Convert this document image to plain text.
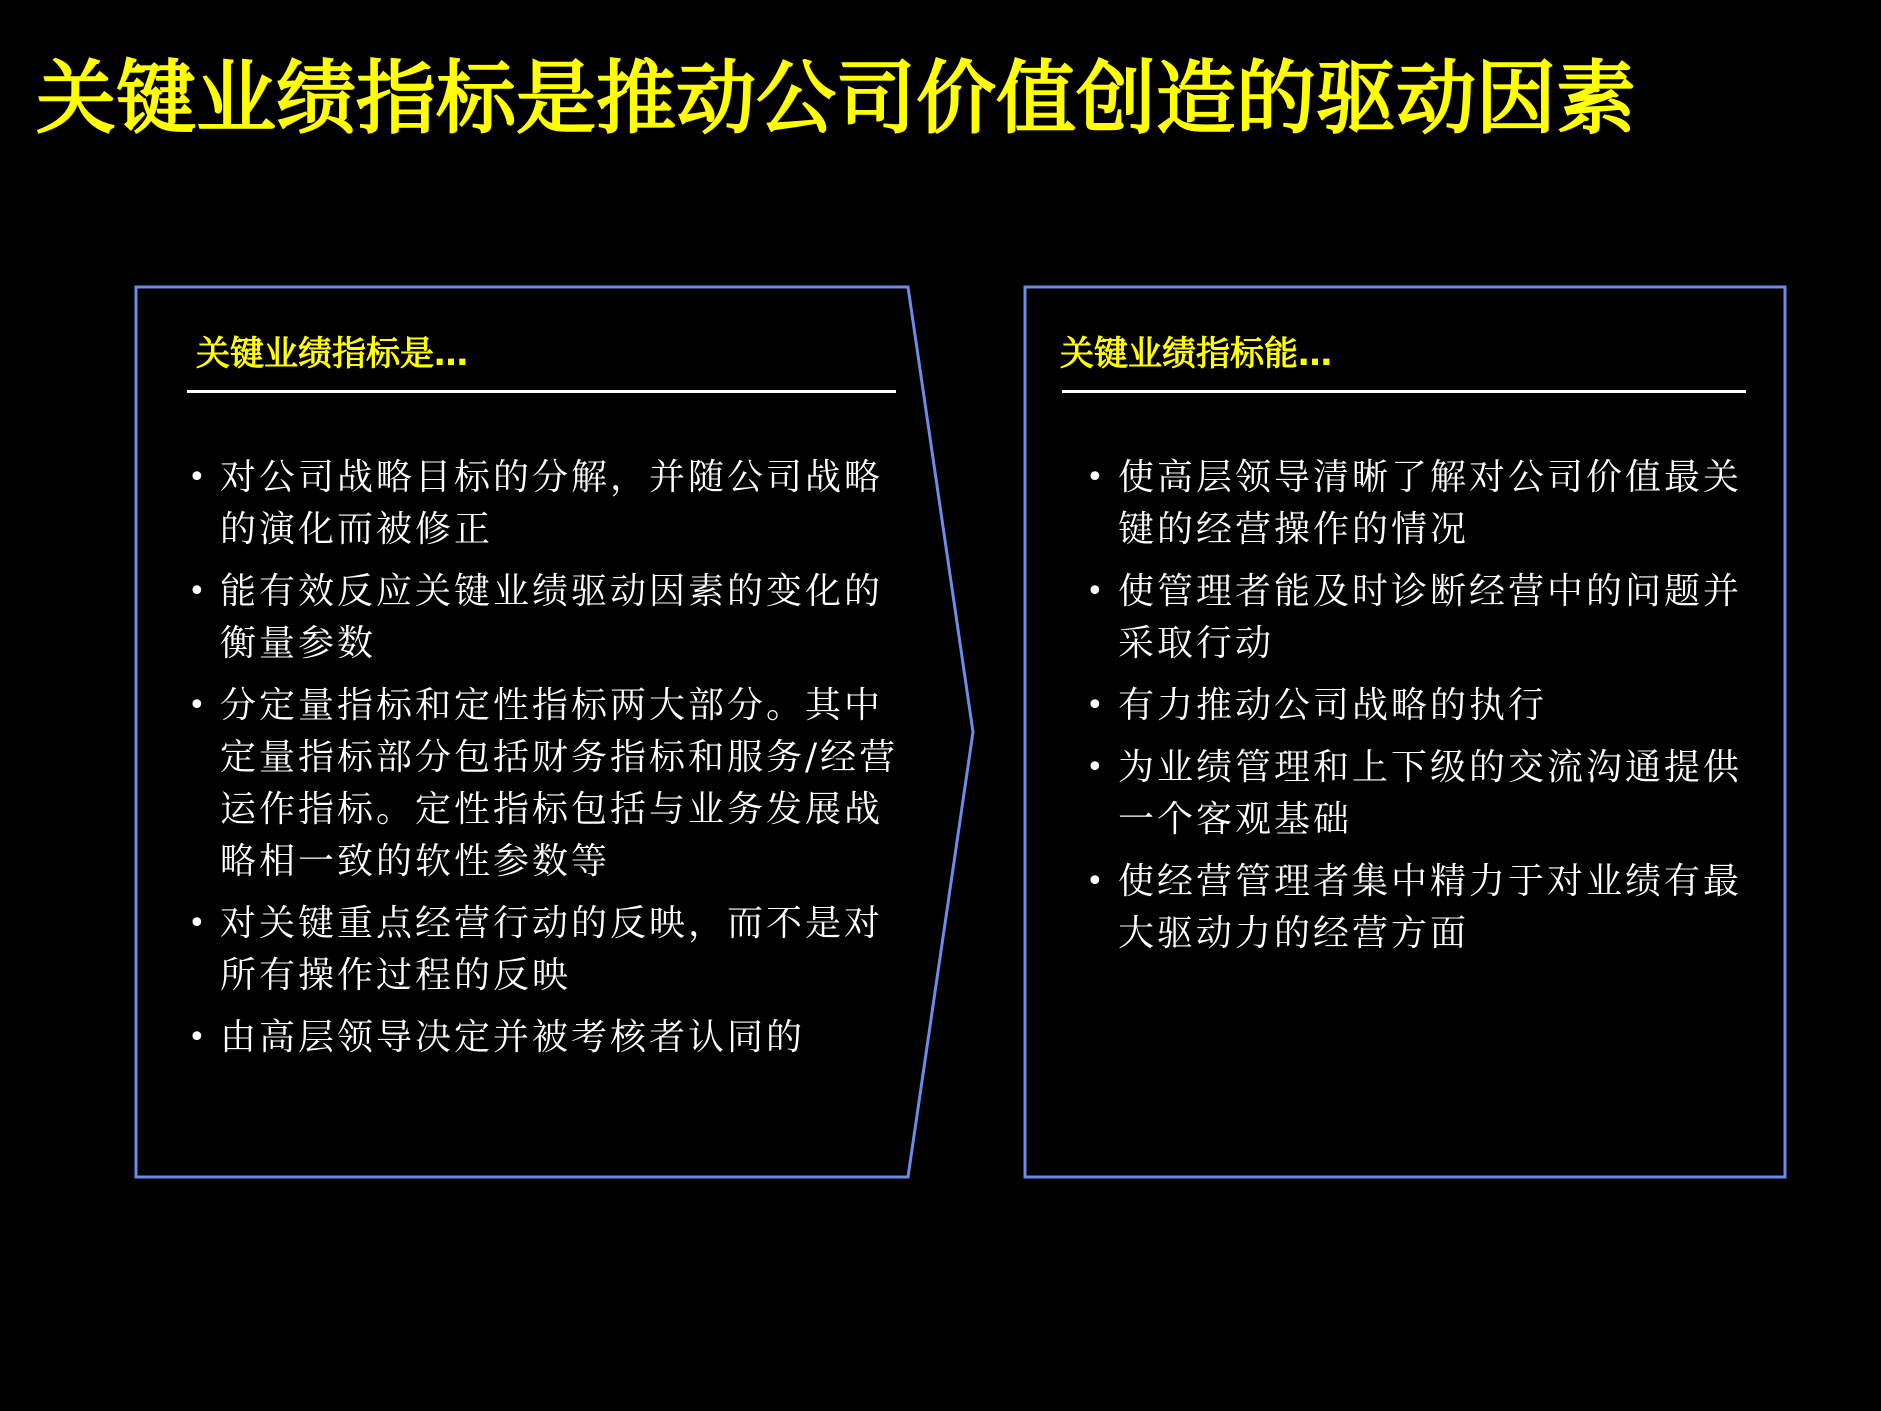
关键业绩指标是推动公司价值创造的驱动因素
关键业绩指标是…
• 对公司战略目标的分解，并随公司战略的演化而被修正
• 能有效反应关键业绩驱动因素的变化的衡量参数
• 分定量指标和定性指标两大部分。其中定量指标部分包括财务指标和服务/经营运作指标。定性指标包括与业务发展战略相一致的软性参数等
• 对关键重点经营行动的反映，而不是对所有操作过程的反映
• 由高层领导决定并被考核者认同的
关键业绩指标能…
• 使高层领导清晰了解对公司价值最关键的经营操作的情况
• 使管理者能及时诊断经营中的问题并采取行动
• 有力推动公司战略的执行
• 为业绩管理和上下级的交流沟通提供一个客观基础
• 使经营管理者集中精力于对业绩有最大驱动力的经营方面
